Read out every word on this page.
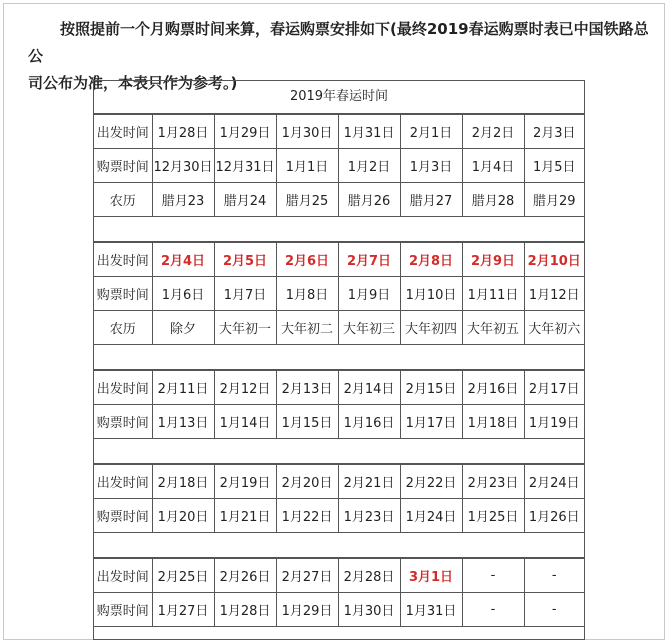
按照提前一个月购票时间来算，春运购票安排如下(最终2019春运购票时表已中国铁路总公
司公布为准，本表只作为参考。)
2019年春运时间
出发时间	1月28日	1月29日	1月30日	1月31日	2月1日	2月2日	2月3日
购票时间	12月30日	12月31日	1月1日	1月2日	1月3日	1月4日	1月5日
农历	腊月23	腊月24	腊月25	腊月26	腊月27	腊月28	腊月29
出发时间	2月4日	2月5日	2月6日	2月7日	2月8日	2月9日	2月10日
购票时间	1月6日	1月7日	1月8日	1月9日	1月10日	1月11日	1月12日
农历	除夕	大年初一	大年初二	大年初三	大年初四	大年初五	大年初六
出发时间	2月11日	2月12日	2月13日	2月14日	2月15日	2月16日	2月17日
购票时间	1月13日	1月14日	1月15日	1月16日	1月17日	1月18日	1月19日
出发时间	2月18日	2月19日	2月20日	2月21日	2月22日	2月23日	2月24日
购票时间	1月20日	1月21日	1月22日	1月23日	1月24日	1月25日	1月26日
出发时间	2月25日	2月26日	2月27日	2月28日	3月1日	-	-
购票时间	1月27日	1月28日	1月29日	1月30日	1月31日	-	-
